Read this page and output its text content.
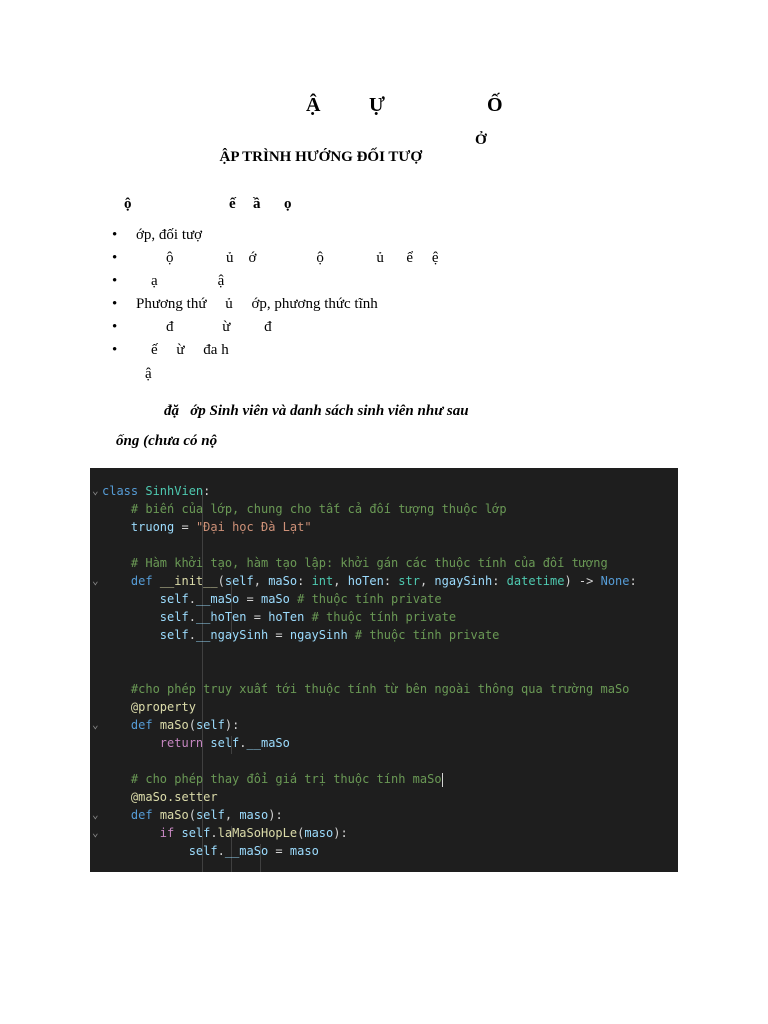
Ậ

Ự

	Ố

ẬP TRÌNH HƯỚNG ĐỐI TƯỢ

Ở

ộ

	ế

ầ

ọ

• ớp, đối tượ
• ộ              ủ    ớ                ộ              ủ      ể     ệ
• ạ                ậ
• Phương thứ     ủ     ớp, phương thức tĩnh
• đ             ừ         đ
• ế     ừ     đa h
ậ
đặ   ớp Sinh viên và danh sách sinh viên như sau
ống (chưa có nộ
⌄ class SinhVien:
# biến của lớp, chung cho tất cả đối tượng thuộc lớp
truong = "Đại học Đà Lạt"
# Hàm khởi tạo, hàm tạo lập: khởi gán các thuộc tính của đối tượng
⌄	def __init__(self, maSo: int, hoTen: str, ngaySinh: datetime) -> None:
self.__maSo = maSo # thuộc tính private
self.__hoTen = hoTen # thuộc tính private
self.__ngaySinh = ngaySinh # thuộc tính private
#cho phép truy xuất tới thuộc tính từ bên ngoài thông qua trường maSo
@property
⌄	def maSo(self):
return self.__maSo
# cho phép thay đổi giá trị thuộc tính maSo
@maSo.setter
⌄	def maSo(self, maso):
⌄	if self.laMaSoHopLe(maso):
self.__maSo = maso
